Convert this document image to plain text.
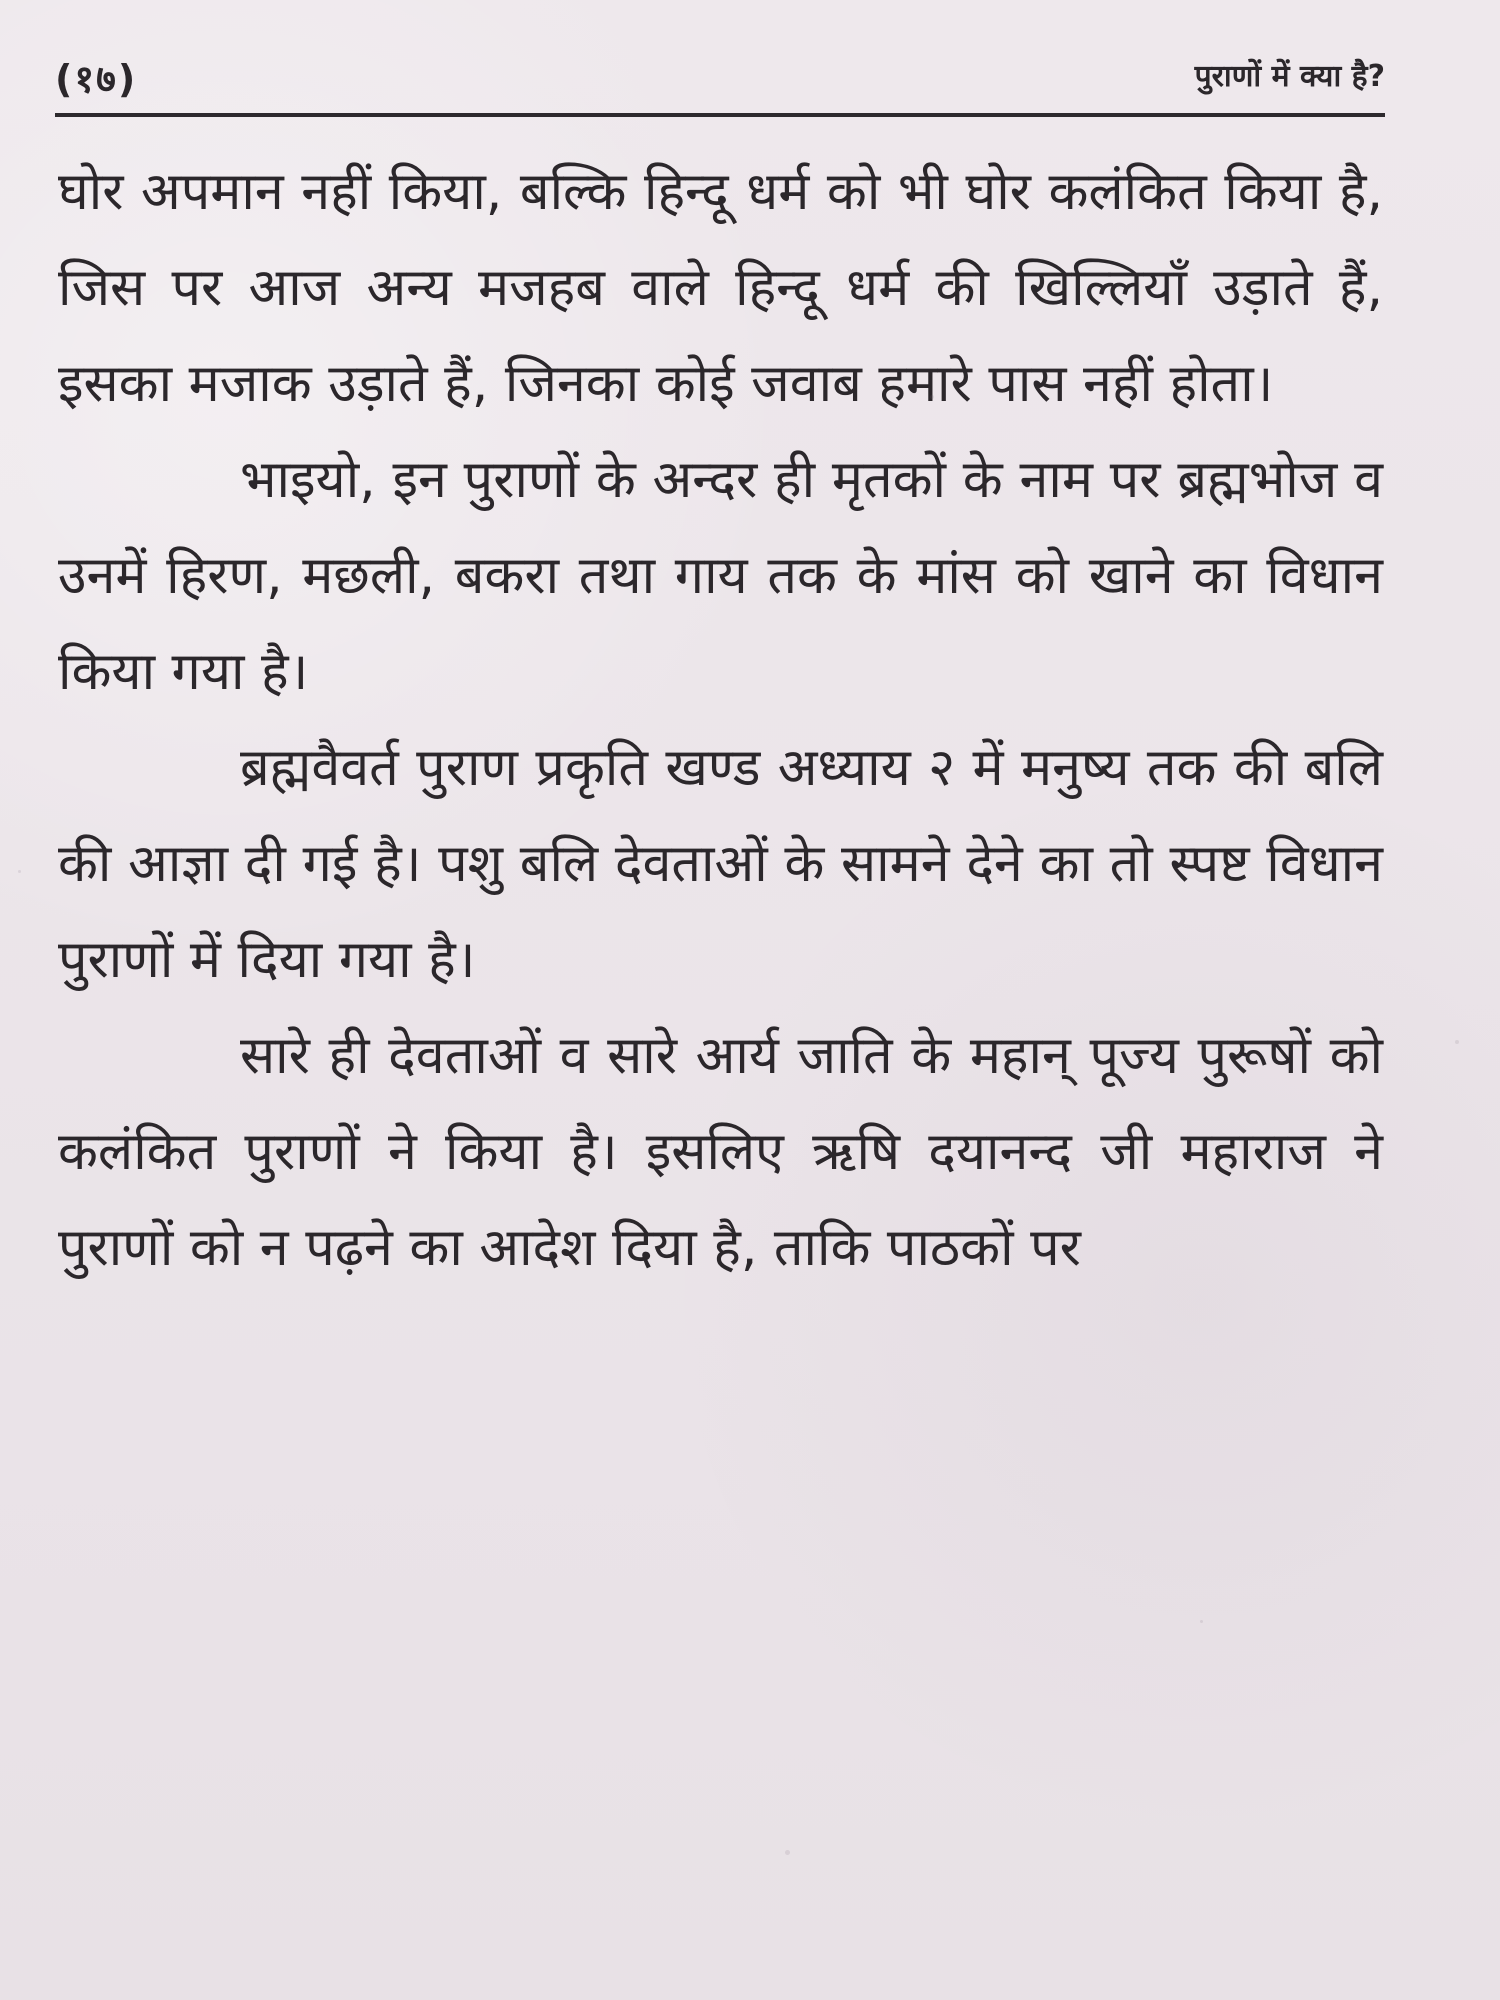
(१७)	पुराणों में क्या है?

घोर अपमान नहीं किया, बल्कि हिन्दू धर्म को भी घोर कलंकित किया है, जिस पर आज अन्य मजहब वाले हिन्दू धर्म की खिल्लियाँ उड़ाते हैं, इसका मजाक उड़ाते हैं, जिनका कोई जवाब हमारे पास नहीं होता।

भाइयो, इन पुराणों के अन्दर ही मृतकों के नाम पर ब्रह्मभोज व उनमें हिरण, मछली, बकरा तथा गाय तक के मांस को खाने का विधान किया गया है।

ब्रह्मवैवर्त पुराण प्रकृति खण्ड अध्याय २ में मनुष्य तक की बलि की आज्ञा दी गई है। पशु बलि देवताओं के सामने देने का तो स्पष्ट विधान पुराणों में दिया गया है।

सारे ही देवताओं व सारे आर्य जाति के महान् पूज्य पुरूषों को कलंकित पुराणों ने किया है। इसलिए ऋषि दयानन्द जी महाराज ने पुराणों को न पढ़ने का आदेश दिया है, ताकि पाठकों पर
